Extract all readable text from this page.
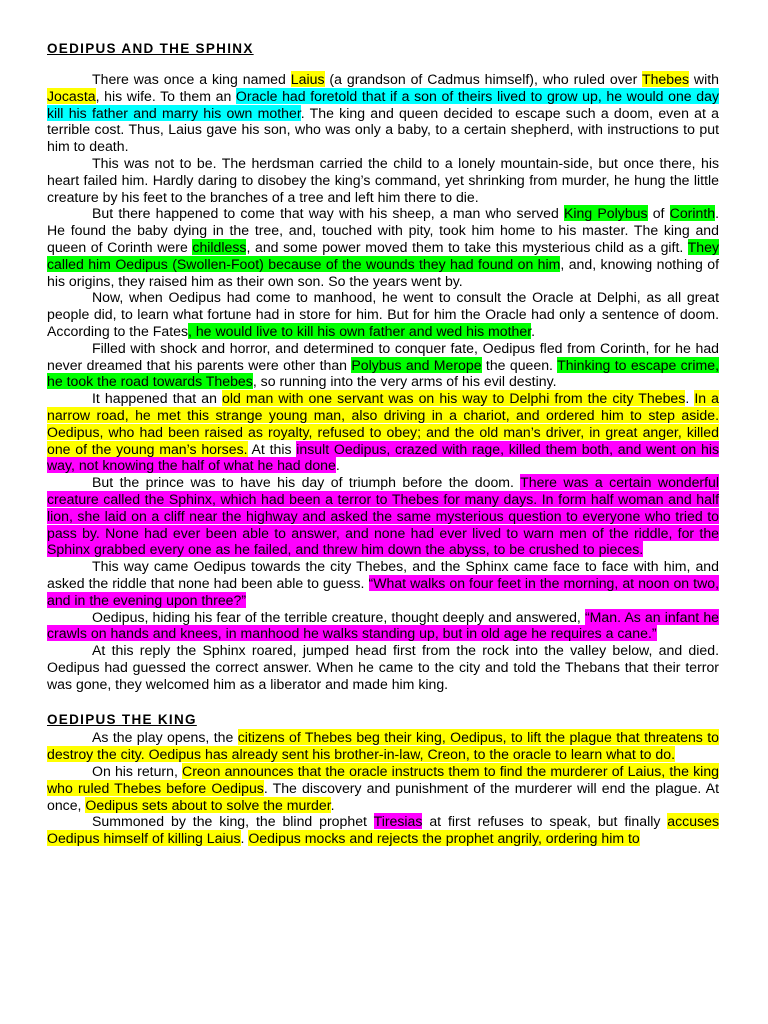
OEDIPUS AND THE SPHINX

There was once a king named Laius (a grandson of Cadmus himself), who ruled over Thebes with Jocasta, his wife. To them an Oracle had foretold that if a son of theirs lived to grow up, he would one day kill his father and marry his own mother. The king and queen decided to escape such a doom, even at a terrible cost. Thus, Laius gave his son, who was only a baby, to a certain shepherd, with instructions to put him to death.

This was not to be. The herdsman carried the child to a lonely mountain-side, but once there, his heart failed him. Hardly daring to disobey the king’s command, yet shrinking from murder, he hung the little creature by his feet to the branches of a tree and left him there to die.

But there happened to come that way with his sheep, a man who served King Polybus of Corinth. He found the baby dying in the tree, and, touched with pity, took him home to his master. The king and queen of Corinth were childless, and some power moved them to take this mysterious child as a gift. They called him Oedipus (Swollen-Foot) because of the wounds they had found on him, and, knowing nothing of his origins, they raised him as their own son. So the years went by.

Now, when Oedipus had come to manhood, he went to consult the Oracle at Delphi, as all great people did, to learn what fortune had in store for him. But for him the Oracle had only a sentence of doom. According to the Fates, he would live to kill his own father and wed his mother.

Filled with shock and horror, and determined to conquer fate, Oedipus fled from Corinth, for he had never dreamed that his parents were other than Polybus and Merope the queen. Thinking to escape crime, he took the road towards Thebes, so running into the very arms of his evil destiny.

It happened that an old man with one servant was on his way to Delphi from the city Thebes. In a narrow road, he met this strange young man, also driving in a chariot, and ordered him to step aside. Oedipus, who had been raised as royalty, refused to obey; and the old man’s driver, in great anger, killed one of the young man’s horses. At this insult Oedipus, crazed with rage, killed them both, and went on his way, not knowing the half of what he had done.

But the prince was to have his day of triumph before the doom. There was a certain wonderful creature called the Sphinx, which had been a terror to Thebes for many days. In form half woman and half lion, she laid on a cliff near the highway and asked the same mysterious question to everyone who tried to pass by. None had ever been able to answer, and none had ever lived to warn men of the riddle, for the Sphinx grabbed every one as he failed, and threw him down the abyss, to be crushed to pieces.

This way came Oedipus towards the city Thebes, and the Sphinx came face to face with him, and asked the riddle that none had been able to guess. “What walks on four feet in the morning, at noon on two, and in the evening upon three?”

Oedipus, hiding his fear of the terrible creature, thought deeply and answered, “Man. As an infant he crawls on hands and knees, in manhood he walks standing up, but in old age he requires a cane.”

At this reply the Sphinx roared, jumped head first from the rock into the valley below, and died. Oedipus had guessed the correct answer. When he came to the city and told the Thebans that their terror was gone, they welcomed him as a liberator and made him king.

OEDIPUS THE KING

As the play opens, the citizens of Thebes beg their king, Oedipus, to lift the plague that threatens to destroy the city. Oedipus has already sent his brother-in-law, Creon, to the oracle to learn what to do.

On his return, Creon announces that the oracle instructs them to find the murderer of Laius, the king who ruled Thebes before Oedipus. The discovery and punishment of the murderer will end the plague. At once, Oedipus sets about to solve the murder.

Summoned by the king, the blind prophet Tiresias at first refuses to speak, but finally accuses Oedipus himself of killing Laius. Oedipus mocks and rejects the prophet angrily, ordering him to
